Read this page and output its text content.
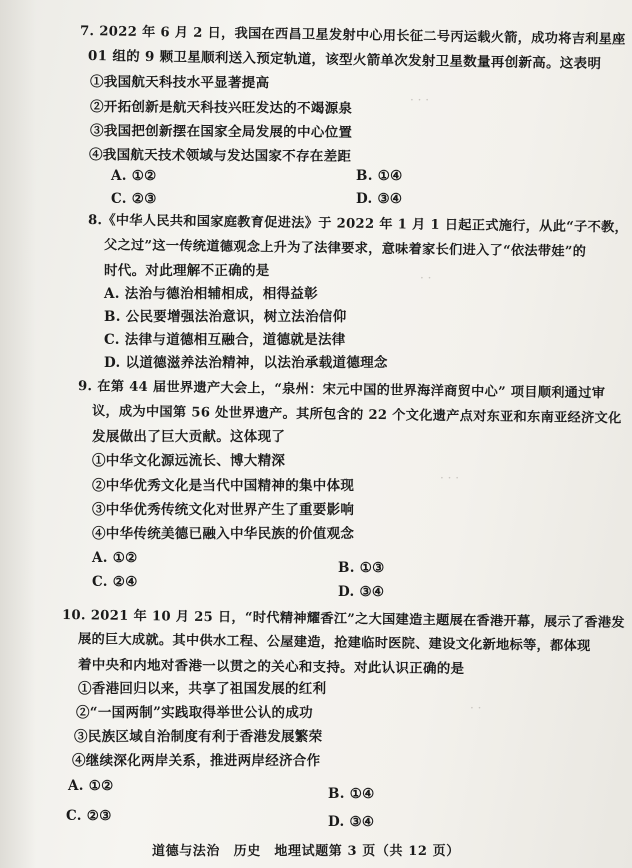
· · ·
· ·
· · ·
· ·
7. 2022 年 6 月 2 日，我国在西昌卫星发射中心用长征二号丙运载火箭，成功将吉利星座
01 组的 9 颗卫星顺利送入预定轨道，该型火箭单次发射卫星数量再创新高。这表明
①我国航天科技水平显著提高
②开拓创新是航天科技兴旺发达的不竭源泉
③我国把创新摆在国家全局发展的中心位置
④我国航天技术领域与发达国家不存在差距
A. ①②	B. ①④
C. ②③	D. ③④
8.《中华人民共和国家庭教育促进法》于 2022 年 1 月 1 日起正式施行，从此“子不教，
父之过”这一传统道德观念上升为了法律要求，意味着家长们进入了“依法带娃”的
时代。对此理解不正确的是
A. 法治与德治相辅相成，相得益彰
B. 公民要增强法治意识，树立法治信仰
C. 法律与道德相互融合，道德就是法律
D. 以道德滋养法治精神，以法治承载道德理念
9. 在第 44 届世界遗产大会上，“泉州：宋元中国的世界海洋商贸中心” 项目顺利通过审
议，成为中国第 56 处世界遗产。其所包含的 22 个文化遗产点对东亚和东南亚经济文化
发展做出了巨大贡献。这体现了
①中华文化源远流长、博大精深
②中华优秀文化是当代中国精神的集中体现
③中华优秀传统文化对世界产生了重要影响
④中华传统美德已融入中华民族的价值观念
A. ①②
B. ①③
C. ②④
D. ③④
10. 2021 年 10 月 25 日，“时代精神耀香江”之大国建造主题展在香港开幕，展示了香港发
展的巨大成就。其中供水工程、公屋建造，抢建临时医院、建设文化新地标等，都体现
着中央和内地对香港一以贯之的关心和支持。对此认识正确的是
①香港回归以来，共享了祖国发展的红利
②“一国两制”实践取得举世公认的成功
③民族区域自治制度有利于香港发展繁荣
④继续深化两岸关系，推进两岸经济合作
A. ①②	B. ①④
C. ②③	D. ③④
道德与法治　历史　地理试题第 3 页（共 12 页）
